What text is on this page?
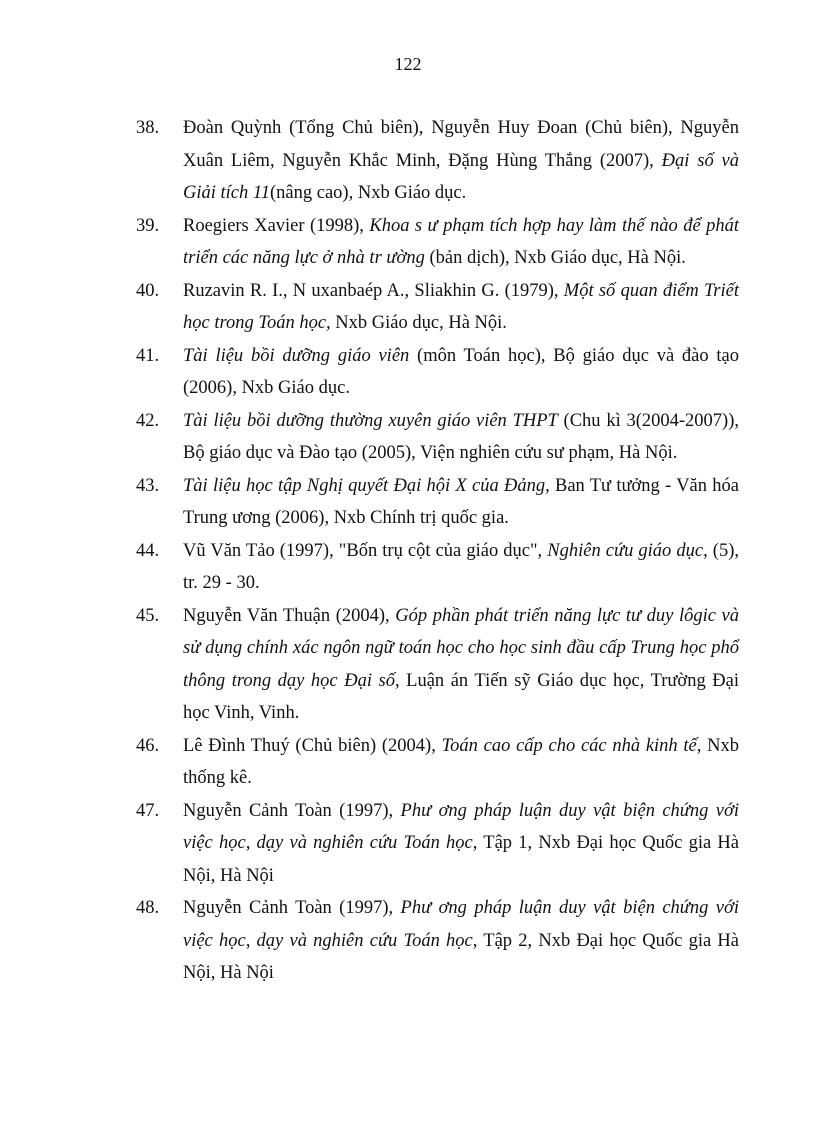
122
38. Đoàn Quỳnh (Tổng Chủ biên), Nguyễn Huy Đoan (Chủ biên), Nguyễn Xuân Liêm, Nguyễn Khắc Minh, Đặng Hùng Thắng (2007), Đại số và Giải tích 11(nâng cao), Nxb Giáo dục.
39. Roegiers Xavier (1998), Khoa s ư phạm tích hợp hay làm thế nào để phát triển các năng lực ở nhà tr ường (bản dịch), Nxb Giáo dục, Hà Nội.
40. Ruzavin R. I., N uxanbaép A., Sliakhin G. (1979), Một số quan điểm Triết học trong Toán học, Nxb Giáo dục, Hà Nội.
41. Tài liệu bồi dưỡng giáo viên (môn Toán học), Bộ giáo dục và đào tạo (2006), Nxb Giáo dục.
42. Tài liệu bồi dưỡng thường xuyên giáo viên THPT (Chu kì 3(2004-2007)), Bộ giáo dục và Đào tạo (2005), Viện nghiên cứu sư phạm, Hà Nội.
43. Tài liệu học tập Nghị quyết Đại hội X của Đảng, Ban Tư tưởng - Văn hóa Trung ương (2006), Nxb Chính trị quốc gia.
44. Vũ Văn Tảo (1997), "Bốn trụ cột của giáo dục", Nghiên cứu giáo dục, (5), tr. 29 - 30.
45. Nguyễn Văn Thuận (2004), Góp phần phát triển năng lực tư duy lôgic và sử dụng chính xác ngôn ngữ toán học cho học sinh đầu cấp Trung học phổ thông trong dạy học Đại số, Luận án Tiến sỹ Giáo dục học, Trường Đại học Vinh, Vinh.
46. Lê Đình Thuý (Chủ biên) (2004), Toán cao cấp cho các nhà kinh tế, Nxb thống kê.
47. Nguyễn Cảnh Toàn (1997), Phư ơng pháp luận duy vật biện chứng với việc học, dạy và nghiên cứu Toán học, Tập 1, Nxb Đại học Quốc gia Hà Nội, Hà Nội
48. Nguyễn Cảnh Toàn (1997), Phư ơng pháp luận duy vật biện chứng với việc học, dạy và nghiên cứu Toán học, Tập 2, Nxb Đại học Quốc gia Hà Nội, Hà Nội
